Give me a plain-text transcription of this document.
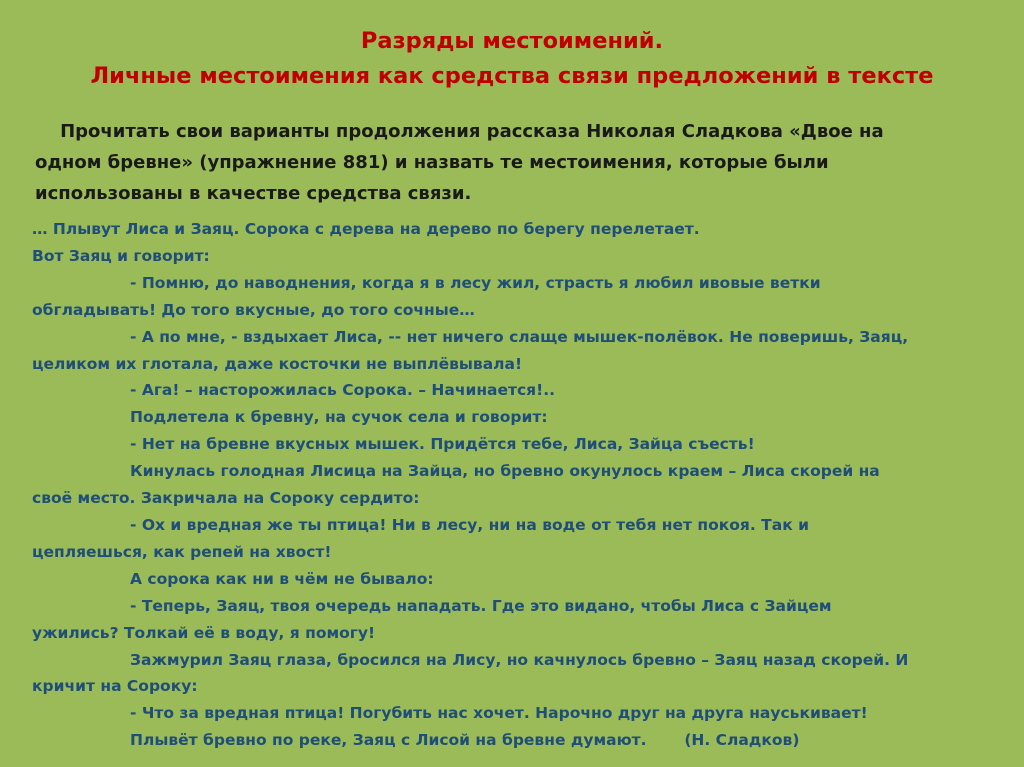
Разряды местоимений.
Личные местоимения как средства связи предложений в тексте
Прочитать свои варианты продолжения рассказа Николая Сладкова «Двое на
одном бревне» (упражнение 881) и назвать те местоимения, которые были
использованы в качестве средства связи.
… Плывут Лиса и Заяц. Сорока с дерева на дерево по берегу перелетает.
Вот Заяц и говорит:
- Помню, до наводнения, когда я в лесу жил, страсть я любил ивовые ветки
обгладывать! До того вкусные, до того сочные…
- А по мне, - вздыхает Лиса, -- нет ничего слаще мышек-полёвок. Не поверишь, Заяц,
целиком их глотала, даже косточки не выплёвывала!
- Ага! – насторожилась Сорока. – Начинается!..
Подлетела к бревну, на сучок села и говорит:
- Нет на бревне вкусных мышек. Придётся тебе, Лиса, Зайца съесть!
Кинулась голодная Лисица на Зайца, но бревно окунулось краем – Лиса скорей на
своё место. Закричала на Сороку сердито:
- Ох и вредная же ты птица! Ни в лесу, ни на воде от тебя нет покоя. Так и
цепляешься, как репей на хвост!
А сорока как ни в чём не бывало:
- Теперь, Заяц, твоя очередь нападать. Где это видано, чтобы Лиса с Зайцем
ужились? Толкай её в воду, я помогу!
Зажмурил Заяц глаза, бросился на Лису, но качнулось бревно – Заяц назад скорей. И
кричит на Сороку:
- Что за вредная птица! Погубить нас хочет. Нарочно друг на друга науськивает!
Плывёт бревно по реке, Заяц с Лисой на бревне думают.       (Н. Сладков)
